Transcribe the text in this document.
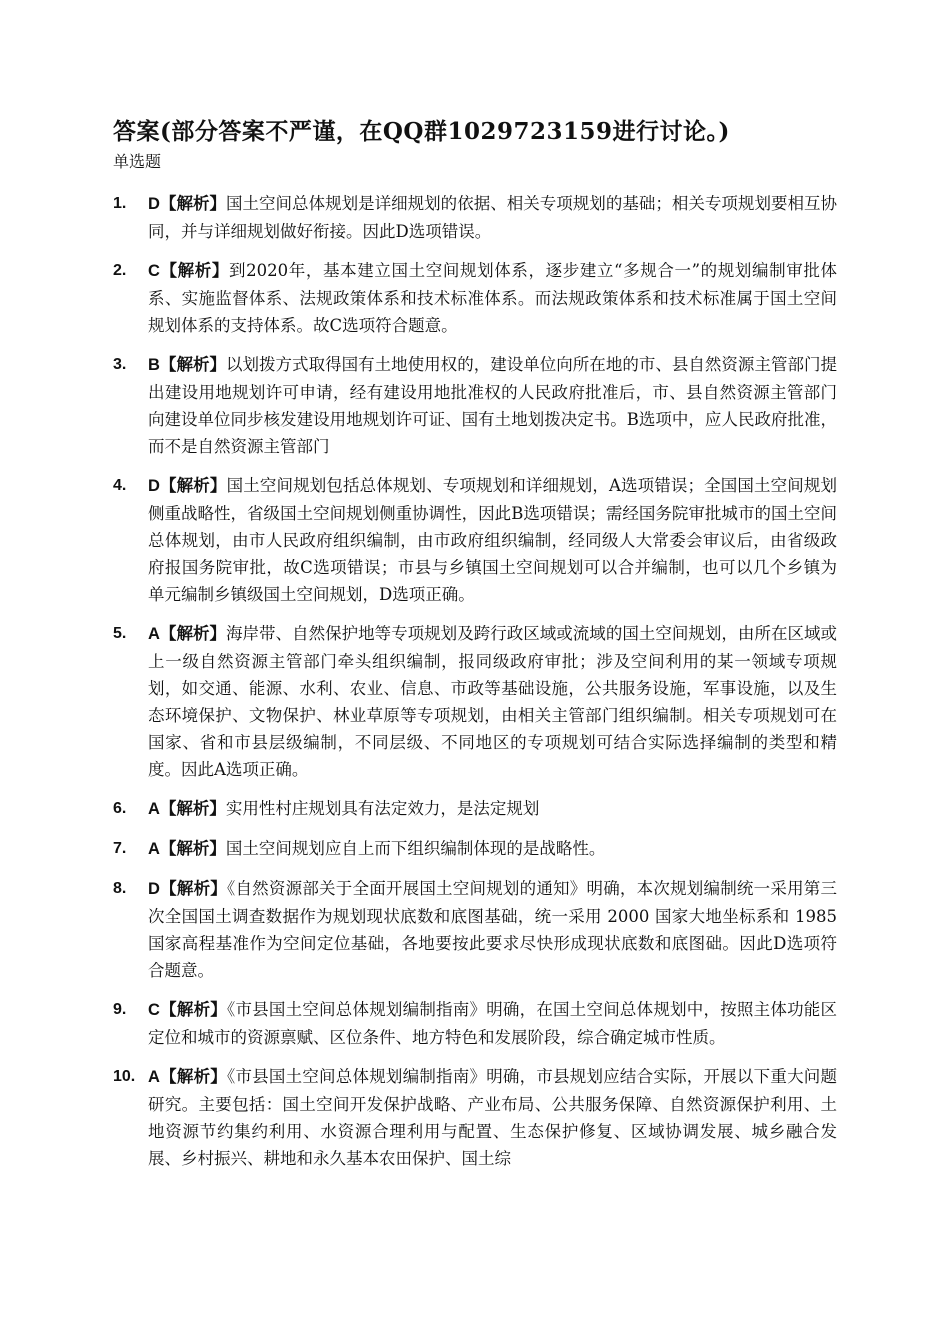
答案(部分答案不严谨，在QQ群1029723159进行讨论。)
单选题
1. D【解析】国土空间总体规划是详细规划的依据、相关专项规划的基础；相关专项规划要相互协同，并与详细规划做好衔接。因此D选项错误。
2. C【解析】到2020年，基本建立国土空间规划体系，逐步建立“多规合一”的规划编制审批体系、实施监督体系、法规政策体系和技术标准体系。而法规政策体系和技术标准属于国土空间规划体系的支持体系。故C选项符合题意。
3. B【解析】以划拨方式取得国有土地使用权的，建设单位向所在地的市、县自然资源主管部门提出建设用地规划许可申请，经有建设用地批准权的人民政府批准后，市、县自然资源主管部门向建设单位同步核发建设用地规划许可证、国有土地划拨决定书。B选项中，应人民政府批准，而不是自然资源主管部门
4. D【解析】国土空间规划包括总体规划、专项规划和详细规划，A选项错误；全国国土空间规划侧重战略性，省级国土空间规划侧重协调性，因此B选项错误；需经国务院审批城市的国土空间总体规划，由市人民政府组织编制，由市政府组织编制，经同级人大常委会审议后，由省级政府报国务院审批，故C选项错误；市县与乡镇国土空间规划可以合并编制，也可以几个乡镇为单元编制乡镇级国土空间规划，D选项正确。
5. A【解析】海岸带、自然保护地等专项规划及跨行政区域或流域的国土空间规划，由所在区域或上一级自然资源主管部门牵头组织编制，报同级政府审批；涉及空间利用的某一领域专项规划，如交通、能源、水利、农业、信息、市政等基础设施，公共服务设施，军事设施，以及生态环境保护、文物保护、林业草原等专项规划，由相关主管部门组织编制。相关专项规划可在国家、省和市县层级编制，不同层级、不同地区的专项规划可结合实际选择编制的类型和精度。因此A选项正确。
6. A【解析】实用性村庄规划具有法定效力，是法定规划
7. A【解析】国土空间规划应自上而下组织编制体现的是战略性。
8. D【解析】《自然资源部关于全面开展国土空间规划的通知》明确，本次规划编制统一采用第三次全国国土调查数据作为规划现状底数和底图基础，统一采用 2000 国家大地坐标系和 1985 国家高程基准作为空间定位基础，各地要按此要求尽快形成现状底数和底图础。因此D选项符合题意。
9. C【解析】《市县国土空间总体规划编制指南》明确，在国土空间总体规划中，按照主体功能区定位和城市的资源禀赋、区位条件、地方特色和发展阶段，综合确定城市性质。
10. A【解析】《市县国土空间总体规划编制指南》明确，市县规划应结合实际，开展以下重大问题研究。主要包括：国土空间开发保护战略、产业布局、公共服务保障、自然资源保护利用、土地资源节约集约利用、水资源合理利用与配置、生态保护修复、区域协调发展、城乡融合发展、乡村振兴、耕地和永久基本农田保护、国土综
